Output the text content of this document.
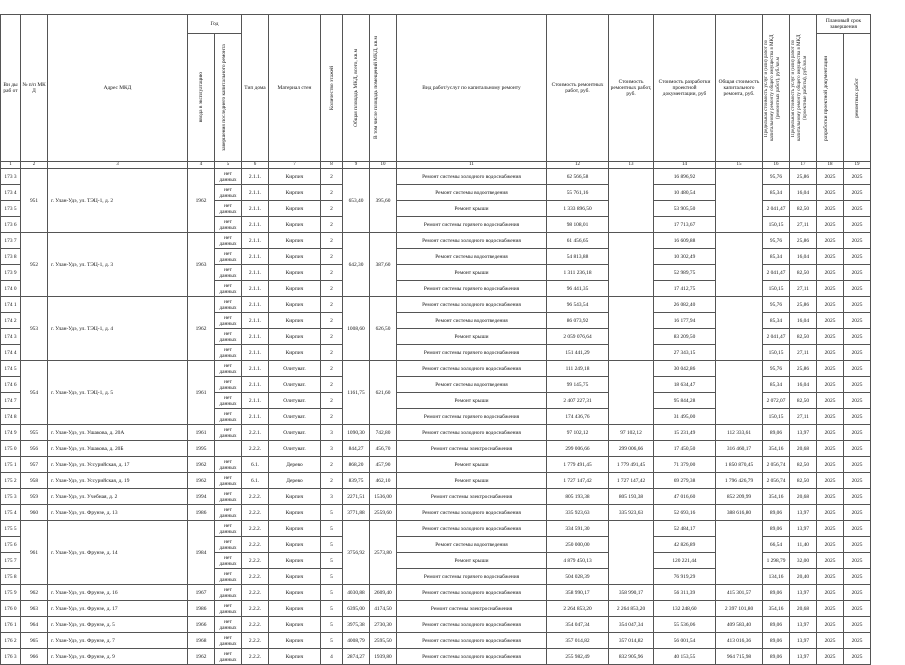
Ви ды раб от	№ п/п МК Д	Адрес МКД	Год		Тип дома	Материал стен	Количество этажей	Общая площадь МКД, всего, кв.м	В том числе площадь помещений МКД, кв.м	Вид работ/услуг по капитальному ремонту	Стоимость ремонтных работ, руб.	Стоимость ремонтных работ, руб.	Стоимость разработки проектной документации, руб	Общая стоимость капитального ремонта, руб.	Предельная стоимость услуг и (или) работ по капитальному ремонту общего имущества в МКД (ремонтных работ), руб./кв.м	Предельная стоимость услуг и (или) работ по капитальному ремонту общего имущества в МКД (проектные работы), руб./кв.м	Плановый срок завершения	

			ввода в эксплуатацию	завершения последнего капитального ремонта													разработки проектной документации	ремонтных работ

1	2	3	4	5	6	7	8	9	10	11	12	13	14	15	16	17	18	19
173 3	951	г. Улан-Удэ, ул. ТЭЦ-1, д. 2	1962	нет данных	2.1.1.	Кирпич	2	653,40	395,60	Ремонт системы холодного водоснабжения	62 566,58		16 896,92		95,76	25,86	2025	2025
173 4				нет данных	2.1.1.	Кирпич	2			Ремонт системы водоотведения	55 761,16		10 480,54		85,34	16,04	2025	2025
173 5				нет данных	2.1.1.	Кирпич	2			Ремонт крыши	1 333 896,50		53 905,50		2 041,47	82,50	2025	2025
173 6				нет данных	2.1.1.	Кирпич	2			Ремонт системы горячего водоснабжения	98 108,01		17 713,67		150,15	27,11	2025	2025
173 7	952	г. Улан-Удэ, ул. ТЭЦ-1, д. 3	1963	нет данных	2.1.1.	Кирпич	2	642,30	387,60	Ремонт системы холодного водоснабжения	61 456,65		16 609,88		95,76	25,86	2025	2025
173 8				нет данных	2.1.1.	Кирпич	2			Ремонт системы водоотведения	54 813,88		10 302,49		85,34	16,04	2025	2025
173 9				нет данных	2.1.1.	Кирпич	2			Ремонт крыши	1 311 236,18		52 989,75		2 041,47	82,50	2025	2025
174 0				нет данных	2.1.1.	Кирпич	2			Ремонт системы горячего водоснабжения	96 441,35		17 412,75		150,15	27,11	2025	2025
174 1	953	г. Улан-Удэ, ул. ТЭЦ-1, д. 4	1962	нет данных	2.1.1.	Кирпич	2	1008,60	626,50	Ремонт системы холодного водоснабжения	96 543,54		26 082,40		95,76	25,86	2025	2025
174 2				нет данных	2.1.1.	Кирпич	2			Ремонт системы водоотведения	86 073,92		16 177,94		85,34	16,04	2025	2025
174 3				нет данных	2.1.1.	Кирпич	2			Ремонт крыши	2 059 076,64		83 209,50		2 041,47	82,50	2025	2025
174 4				нет данных	2.1.1.	Кирпич	2			Ремонт системы горячего водоснабжения	151 441,29		27 343,15		150,15	27,11	2025	2025
174 5	954	г. Улан-Удэ, ул. ТЭЦ-1, д. 5	1961	нет данных	2.1.1.	Олитуват.	2	1161,75	621,60	Ремонт системы холодного водоснабжения	111 249,18		30 042,86		95,76	25,86	2025	2025
174 6				нет данных	2.1.1.	Олитуват.	2			Ремонт системы водоотведения	99 145,75		18 634,47		85,34	16,04	2025	2025
174 7				нет данных	2.1.1.	Олитуват.	2			Ремонт крыши	2 407 227,31		95 844,28		2 072,07	82,50	2025	2025
174 8				нет данных	2.1.1.	Олитуват.	2			Ремонт системы горячего водоснабжения	174 436,76		31 495,00		150,15	27,11	2025	2025
174 9	955	г. Улан-Удэ, ул. Ушакова, д. 20А	1961	нет данных	2.2.1.	Олитуват.	3	1090,30	742,80	Ремонт системы холодного водоснабжения	97 102,12	97 102,12	15 231,49	112 333,61	89,06	13,97	2025	2025
175 0	956	г. Улан-Удэ, ул. Ушакова, д. 20Б	1995		2.2.2.	Олитуват.	3	844,27	456,70	Ремонт системы электроснабжения	299 006,66	299 006,66	17 450,50	316 460,17	354,16	20,68	2025	2025
175 1	957	г. Улан-Удэ, ул. Уссурийская, д. 17	1962	нет данных	6.1.	Дерево	2	868,20	457,90	Ремонт крыши	1 779 491,45	1 779 491,45	71 379,00	1 850 870,45	2 056,74	82,50	2025	2025
175 2	958	г. Улан-Удэ, ул. Уссурийская, д. 19	1962	нет данных	6.1.	Дерево	2	839,75	462,10	Ремонт крыши	1 727 147,42	1 727 147,42	69 279,38	1 796 426,79	2 056,74	82,50	2025	2025
175 3	959	г. Улан-Удэ, ул. Учебная, д. 2	1994	нет данных	2.2.2.	Кирпич	3	2271,51	1536,00	Ремонт системы электроснабжения	805 193,38	805 193,38	47 016,60	852 209,99	354,16	20,68	2025	2025
175 4	960	г. Улан-Удэ, ул. Фрунзе, д. 13	1986	нет данных	2.2.2.	Кирпич	5	3771,88	2559,60	Ремонт системы холодного водоснабжения	335 923,63	335 923,63	52 693,16	388 616,80	89,06	13,97	2025	2025
175 5	961	г. Улан-Удэ, ул. Фрунзе, д. 14	1984	нет данных	2.2.2.	Кирпич	5	3756,92	2573,80	Ремонт системы холодного водоснабжения	334 591,30		52 484,17		89,06	13,97	2025	2025
175 6				нет данных	2.2.2.	Кирпич	5			Ремонт системы водоотведения	250 000,00		42 826,89		66,54	11,40	2025	2025
175 7				нет данных	2.2.2.	Кирпич	5			Ремонт крыши	4 879 450,13		120 221,44		1 298,79	32,00	2025	2025
175 8				нет данных	2.2.2.	Кирпич	5			Ремонт системы горячего водоснабжения	504 028,39		76 919,29		134,16	20,40	2025	2025
175 9	962	г. Улан-Удэ, ул. Фрунзе, д. 16	1967	нет данных	2.2.2.	Кирпич	5	4030,88	2609,40	Ремонт системы холодного водоснабжения	358 990,17	358 990,17	56 311,39	415 301,57	89,06	13,97	2025	2025
176 0	963	г. Улан-Удэ, ул. Фрунзе, д. 17	1986	нет данных	2.2.2.	Кирпич	5	6395,00	4174,50	Ремонт системы электроснабжения	2 264 853,20	2 264 853,20	132 248,60	2 397 101,80	354,16	20,68	2025	2025
176 1	964	г. Улан-Удэ, ул. Фрунзе, д. 5	1966	нет данных	2.2.2.	Кирпич	5	3975,38	2730,30	Ремонт системы холодного водоснабжения	354 047,34	354 047,34	55 536,06	409 583,40	89,06	13,97	2025	2025
176 2	965	г. Улан-Удэ, ул. Фрунзе, д. 7	1968	нет данных	2.2.2.	Кирпич	5	4008,79	2595,50	Ремонт системы холодного водоснабжения	357 014,82	357 014,82	56 001,54	413 016,36	89,06	13,97	2025	2025
176 3	966	г. Улан-Удэ, ул. Фрунзе, д. 9	1962	нет данных	2.2.2.	Кирпич	4	2874,27	1939,80	Ремонт системы холодного водоснабжения	255 982,49	832 905,96	40 153,55	964 715,98	89,06	13,97	2025	2025
